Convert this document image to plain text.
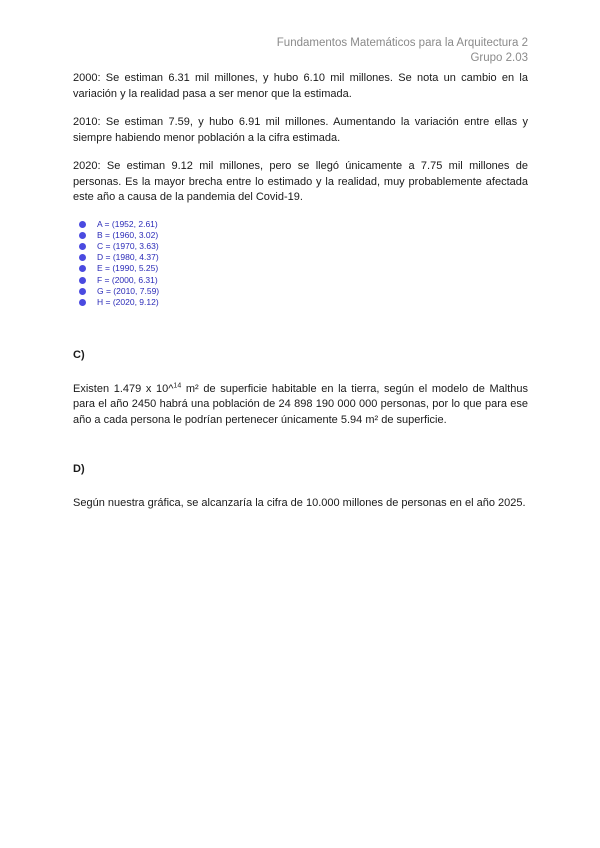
Fundamentos Matemáticos para la Arquitectura 2
Grupo 2.03

2000: Se estiman 6.31 mil millones, y hubo 6.10 mil millones. Se nota un cambio en la variación y la realidad pasa a ser menor que la estimada.

2010: Se estiman 7.59, y hubo 6.91 mil millones. Aumentando la variación entre ellas y siempre habiendo menor población a la cifra estimada.

2020: Se estiman 9.12 mil millones, pero se llegó únicamente a 7.75 mil millones de personas. Es la mayor brecha entre lo estimado y la realidad, muy probablemente afectada este año a causa de la pandemia del Covid-19.

A = (1952, 2.61)
B = (1960, 3.02)
C = (1970, 3.63)
D = (1980, 4.37)
E = (1990, 5.25)
F = (2000, 6.31)
G = (2010, 7.59)
H = (2020, 9.12)

C)

Existen 1.479 x 10^$^{14}$ m² de superficie habitable en la tierra, según el modelo de Malthus para el año 2450 habrá una población de 24 898 190 000 000 personas, por lo que para ese año a cada persona le podrían pertenecer únicamente 5.94 m² de superficie.

D)

Según nuestra gráfica, se alcanzaría la cifra de 10.000 millones de personas en el año 2025.
